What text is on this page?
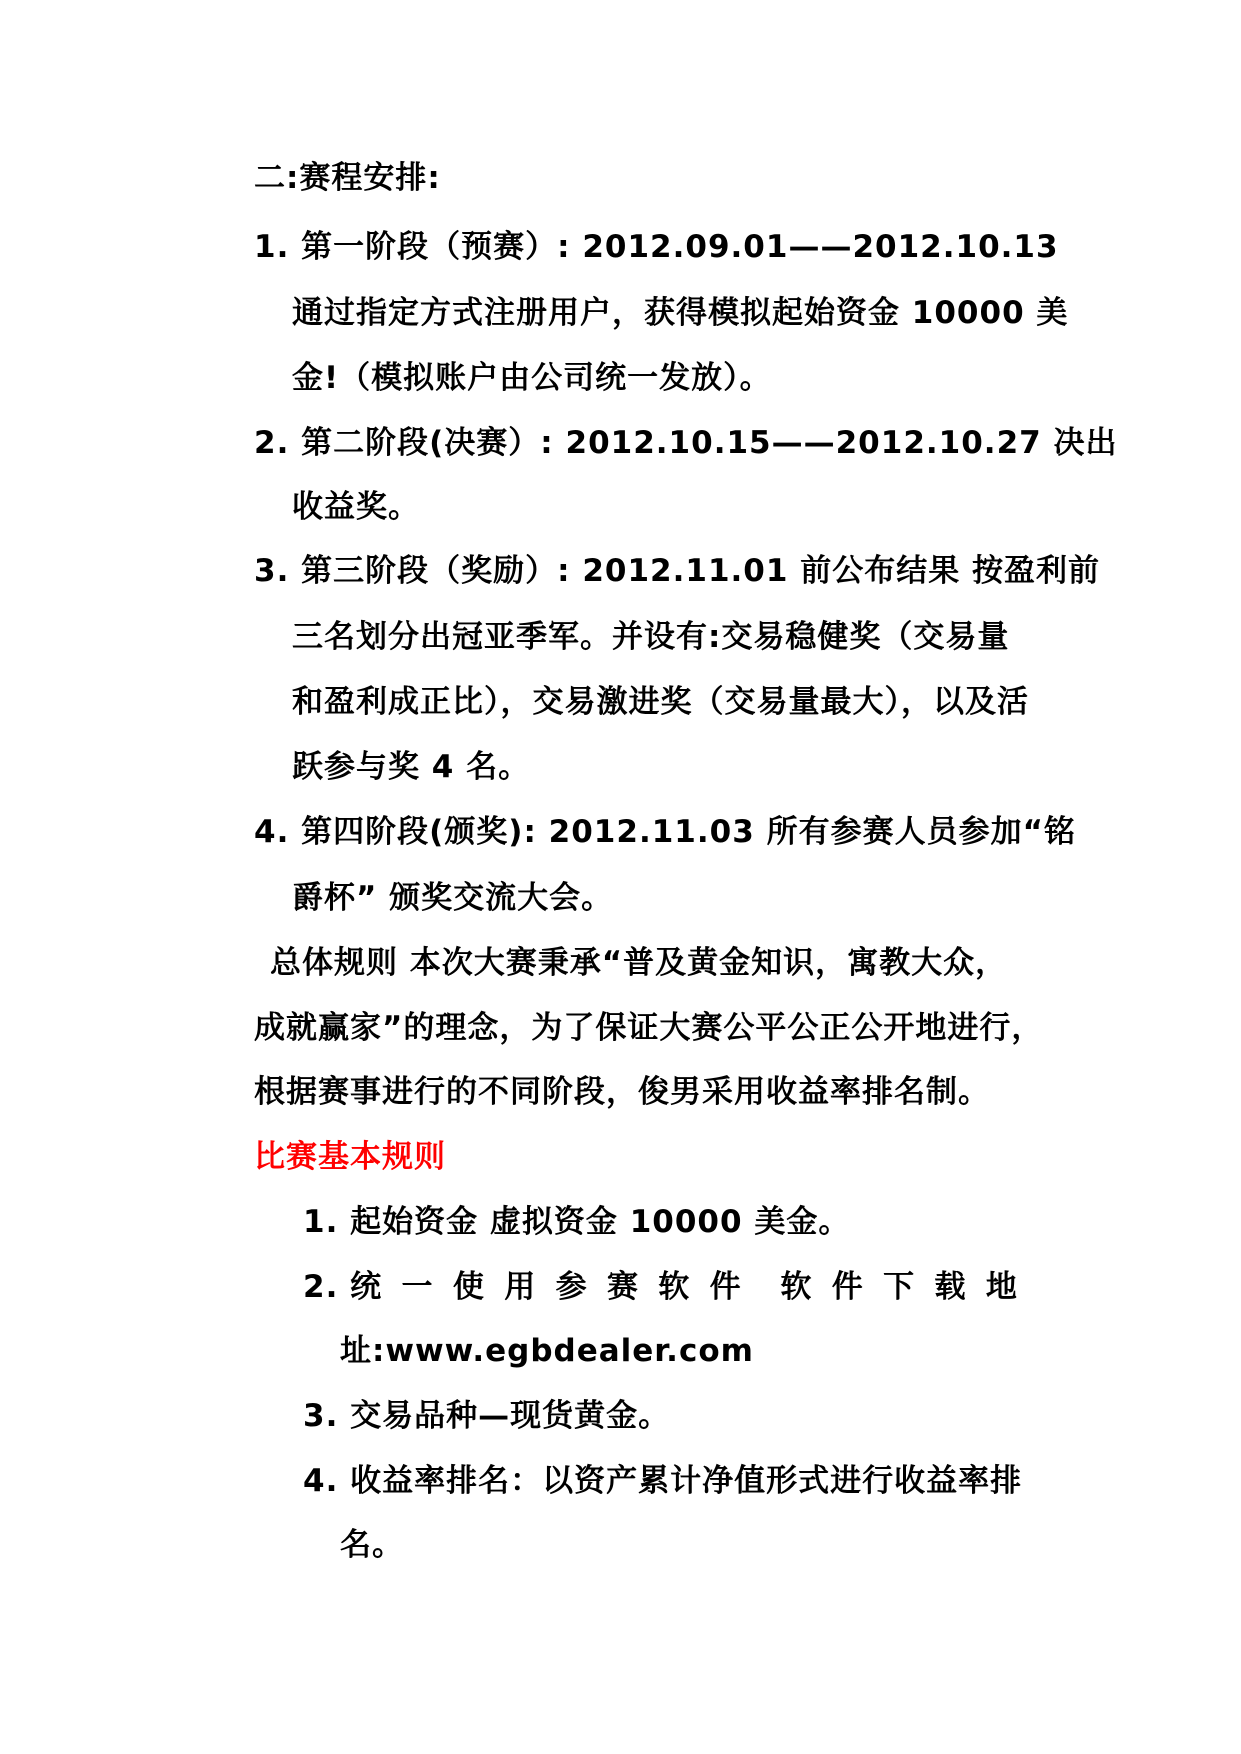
二:赛程安排:
1. 第一阶段（预赛）: 2012.09.01——2012.10.13
通过指定方式注册用户，获得模拟起始资金 10000 美
金!（模拟账户由公司统一发放）。
2. 第二阶段(决赛）: 2012.10.15——2012.10.27 决出
收益奖。
3. 第三阶段（奖励）: 2012.11.01 前公布结果 按盈利前
三名划分出冠亚季军。并设有:交易稳健奖（交易量
和盈利成正比），交易激进奖（交易量最大），以及活
跃参与奖 4 名。
4. 第四阶段(颁奖): 2012.11.03 所有参赛人员参加“铭
爵杯” 颁奖交流大会。
总体规则 本次大赛秉承“普及黄金知识，寓教大众，
成就赢家”的理念，为了保证大赛公平公正公开地进行，
根据赛事进行的不同阶段，俊男采用收益率排名制。
比赛基本规则
1. 起始资金 虚拟资金 10000 美金。
2. 统 一 使 用 参 赛 软 件 软 件 下 载 地
址:www.egbdealer.com
3. 交易品种—现货黄金。
4. 收益率排名：以资产累计净值形式进行收益率排
名。
